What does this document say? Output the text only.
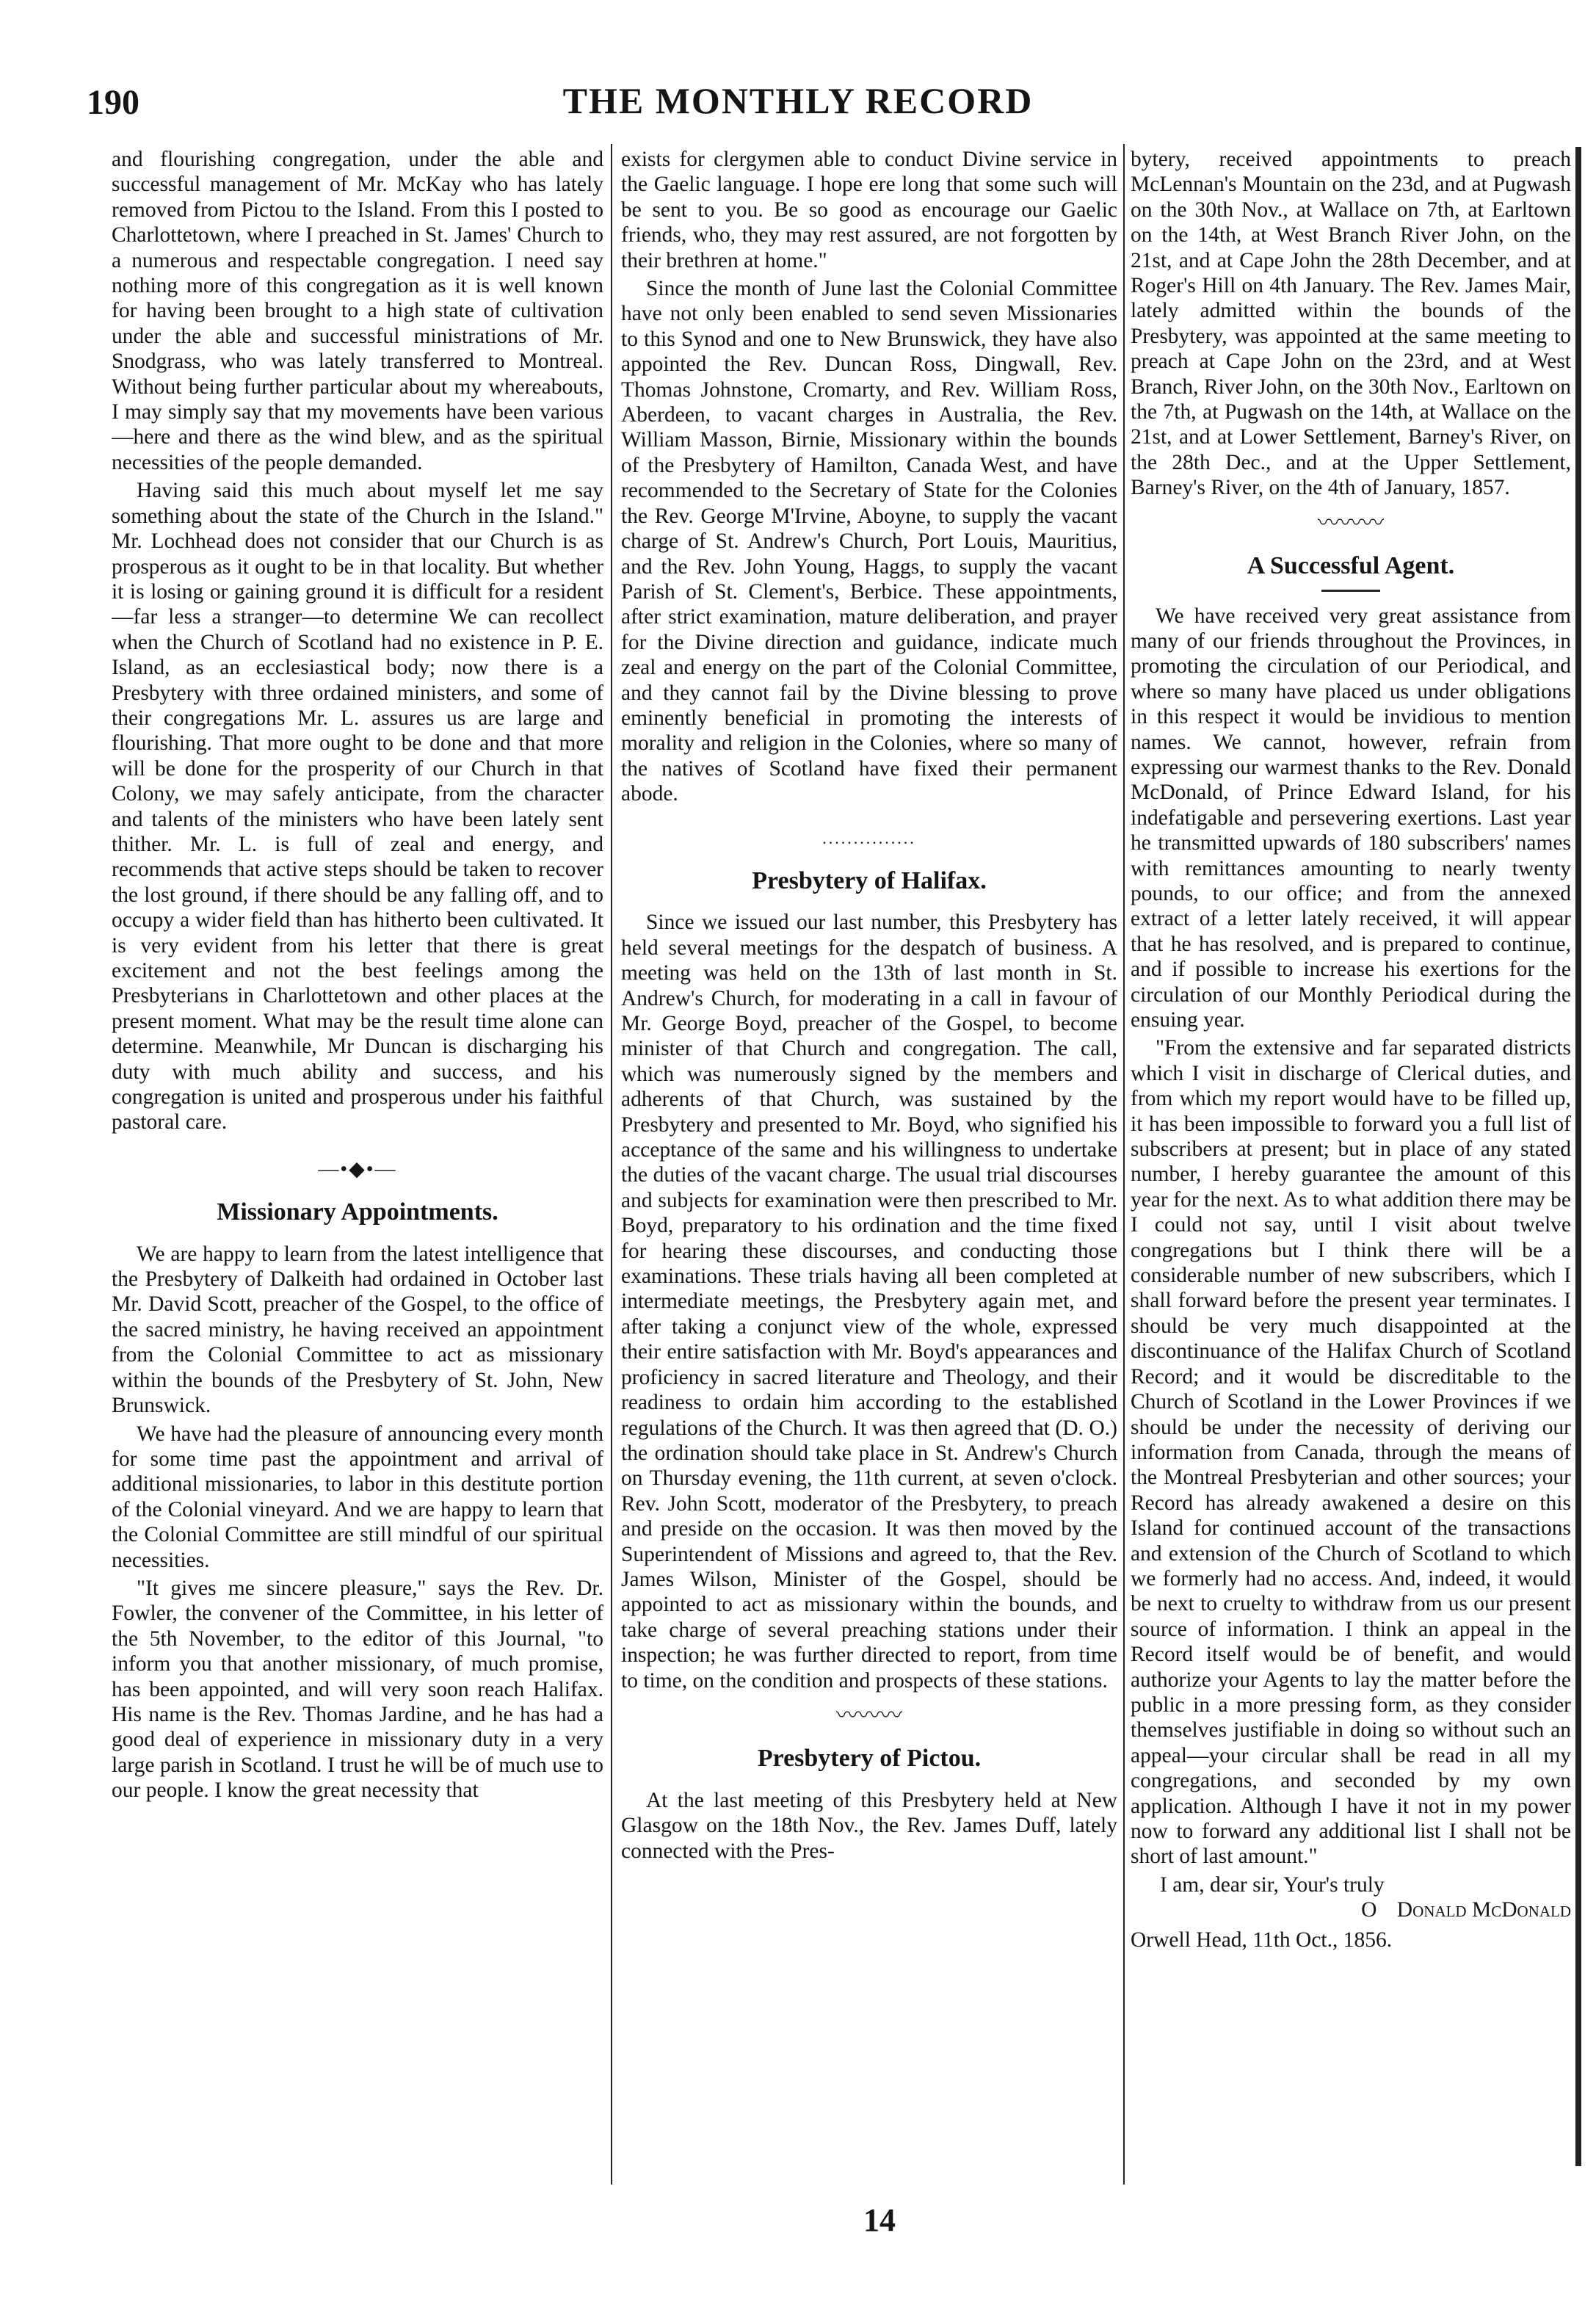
190	THE MONTHLY RECORD

and flourishing congregation, under the able and successful management of Mr. McKay who has lately removed from Pictou to the Island. From this I posted to Charlottetown, where I preached in St. James' Church to a numerous and respectable congregation. I need say nothing more of this congregation as it is well known for having been brought to a high state of cultivation under the able and successful ministrations of Mr. Snodgrass, who was lately transferred to Montreal. Without being further particular about my whereabouts, I may simply say that my movements have been various—here and there as the wind blew, and as the spiritual necessities of the people demanded.

Having said this much about myself let me say something about the state of the Church in the Island." Mr. Lochhead does not consider that our Church is as prosperous as it ought to be in that locality. But whether it is losing or gaining ground it is difficult for a resident—far less a stranger—to determine We can recollect when the Church of Scotland had no existence in P. E. Island, as an ecclesiastical body; now there is a Presbytery with three ordained ministers, and some of their congregations Mr. L. assures us are large and flourishing. That more ought to be done and that more will be done for the prosperity of our Church in that Colony, we may safely anticipate, from the character and talents of the ministers who have been lately sent thither. Mr. L. is full of zeal and energy, and recommends that active steps should be taken to recover the lost ground, if there should be any falling off, and to occupy a wider field than has hitherto been cultivated. It is very evident from his letter that there is great excitement and not the best feelings among the Presbyterians in Charlottetown and other places at the present moment. What may be the result time alone can determine. Meanwhile, Mr Duncan is discharging his duty with much ability and success, and his congregation is united and prosperous under his faithful pastoral care.

—•◆•—
Missionary Appointments.

We are happy to learn from the latest intelligence that the Presbytery of Dalkeith had ordained in October last Mr. David Scott, preacher of the Gospel, to the office of the sacred ministry, he having received an appointment from the Colonial Committee to act as missionary within the bounds of the Presbytery of St. John, New Brunswick.

We have had the pleasure of announcing every month for some time past the appointment and arrival of additional missionaries, to labor in this destitute portion of the Colonial vineyard. And we are happy to learn that the Colonial Committee are still mindful of our spiritual necessities.

"It gives me sincere pleasure," says the Rev. Dr. Fowler, the convener of the Committee, in his letter of the 5th November, to the editor of this Journal, "to inform you that another missionary, of much promise, has been appointed, and will very soon reach Halifax. His name is the Rev. Thomas Jardine, and he has had a good deal of experience in missionary duty in a very large parish in Scotland. I trust he will be of much use to our people. I know the great necessity that

exists for clergymen able to conduct Divine service in the Gaelic language. I hope ere long that some such will be sent to you. Be so good as encourage our Gaelic friends, who, they may rest assured, are not forgotten by their brethren at home."

Since the month of June last the Colonial Committee have not only been enabled to send seven Missionaries to this Synod and one to New Brunswick, they have also appointed the Rev. Duncan Ross, Dingwall, Rev. Thomas Johnstone, Cromarty, and Rev. William Ross, Aberdeen, to vacant charges in Australia, the Rev. William Masson, Birnie, Missionary within the bounds of the Presbytery of Hamilton, Canada West, and have recommended to the Secretary of State for the Colonies the Rev. George M'Irvine, Aboyne, to supply the vacant charge of St. Andrew's Church, Port Louis, Mauritius, and the Rev. John Young, Haggs, to supply the vacant Parish of St. Clement's, Berbice. These appointments, after strict examination, mature deliberation, and prayer for the Divine direction and guidance, indicate much zeal and energy on the part of the Colonial Committee, and they cannot fail by the Divine blessing to prove eminently beneficial in promoting the interests of morality and religion in the Colonies, where so many of the natives of Scotland have fixed their permanent abode.

...............
Presbytery of Halifax.

Since we issued our last number, this Presbytery has held several meetings for the despatch of business. A meeting was held on the 13th of last month in St. Andrew's Church, for moderating in a call in favour of Mr. George Boyd, preacher of the Gospel, to become minister of that Church and congregation. The call, which was numerously signed by the members and adherents of that Church, was sustained by the Presbytery and presented to Mr. Boyd, who signified his acceptance of the same and his willingness to undertake the duties of the vacant charge. The usual trial discourses and subjects for examination were then prescribed to Mr. Boyd, preparatory to his ordination and the time fixed for hearing these discourses, and conducting those examinations. These trials having all been completed at intermediate meetings, the Presbytery again met, and after taking a conjunct view of the whole, expressed their entire satisfaction with Mr. Boyd's appearances and proficiency in sacred literature and Theology, and their readiness to ordain him according to the established regulations of the Church. It was then agreed that (D. O.) the ordination should take place in St. Andrew's Church on Thursday evening, the 11th current, at seven o'clock. Rev. John Scott, moderator of the Presbytery, to preach and preside on the occasion. It was then moved by the Superintendent of Missions and agreed to, that the Rev. James Wilson, Minister of the Gospel, should be appointed to act as missionary within the bounds, and take charge of several preaching stations under their inspection; he was further directed to report, from time to time, on the condition and prospects of these stations.

〰〰〰
Presbytery of Pictou.

At the last meeting of this Presbytery held at New Glasgow on the 18th Nov., the Rev. James Duff, lately connected with the Pres-

bytery, received appointments to preach McLennan's Mountain on the 23d, and at Pugwash on the 30th Nov., at Wallace on 7th, at Earltown on the 14th, at West Branch River John, on the 21st, and at Cape John the 28th December, and at Roger's Hill on 4th January. The Rev. James Mair, lately admitted within the bounds of the Presbytery, was appointed at the same meeting to preach at Cape John on the 23rd, and at West Branch, River John, on the 30th Nov., Earltown on the 7th, at Pugwash on the 14th, at Wallace on the 21st, and at Lower Settlement, Barney's River, on the 28th Dec., and at the Upper Settlement, Barney's River, on the 4th of January, 1857.

〰〰〰
A Successful Agent.

We have received very great assistance from many of our friends throughout the Provinces, in promoting the circulation of our Periodical, and where so many have placed us under obligations in this respect it would be invidious to mention names. We cannot, however, refrain from expressing our warmest thanks to the Rev. Donald McDonald, of Prince Edward Island, for his indefatigable and persevering exertions. Last year he transmitted upwards of 180 subscribers' names with remittances amounting to nearly twenty pounds, to our office; and from the annexed extract of a letter lately received, it will appear that he has resolved, and is prepared to continue, and if possible to increase his exertions for the circulation of our Monthly Periodical during the ensuing year.

"From the extensive and far separated districts which I visit in discharge of Clerical duties, and from which my report would have to be filled up, it has been impossible to forward you a full list of subscribers at present; but in place of any stated number, I hereby guarantee the amount of this year for the next. As to what addition there may be I could not say, until I visit about twelve congregations but I think there will be a considerable number of new subscribers, which I shall forward before the present year terminates. I should be very much disappointed at the discontinuance of the Halifax Church of Scotland Record; and it would be discreditable to the Church of Scotland in the Lower Provinces if we should be under the necessity of deriving our information from Canada, through the means of the Montreal Presbyterian and other sources; your Record has already awakened a desire on this Island for continued account of the transactions and extension of the Church of Scotland to which we formerly had no access. And, indeed, it would be next to cruelty to withdraw from us our present source of information. I think an appeal in the Record itself would be of benefit, and would authorize your Agents to lay the matter before the public in a more pressing form, as they consider themselves justifiable in doing so without such an appeal—your circular shall be read in all my congregations, and seconded by my own application. Although I have it not in my power now to forward any additional list I shall not be short of last amount."

I am, dear sir, Your's truly
O Donald McDonald
Orwell Head, 11th Oct., 1856.
14
